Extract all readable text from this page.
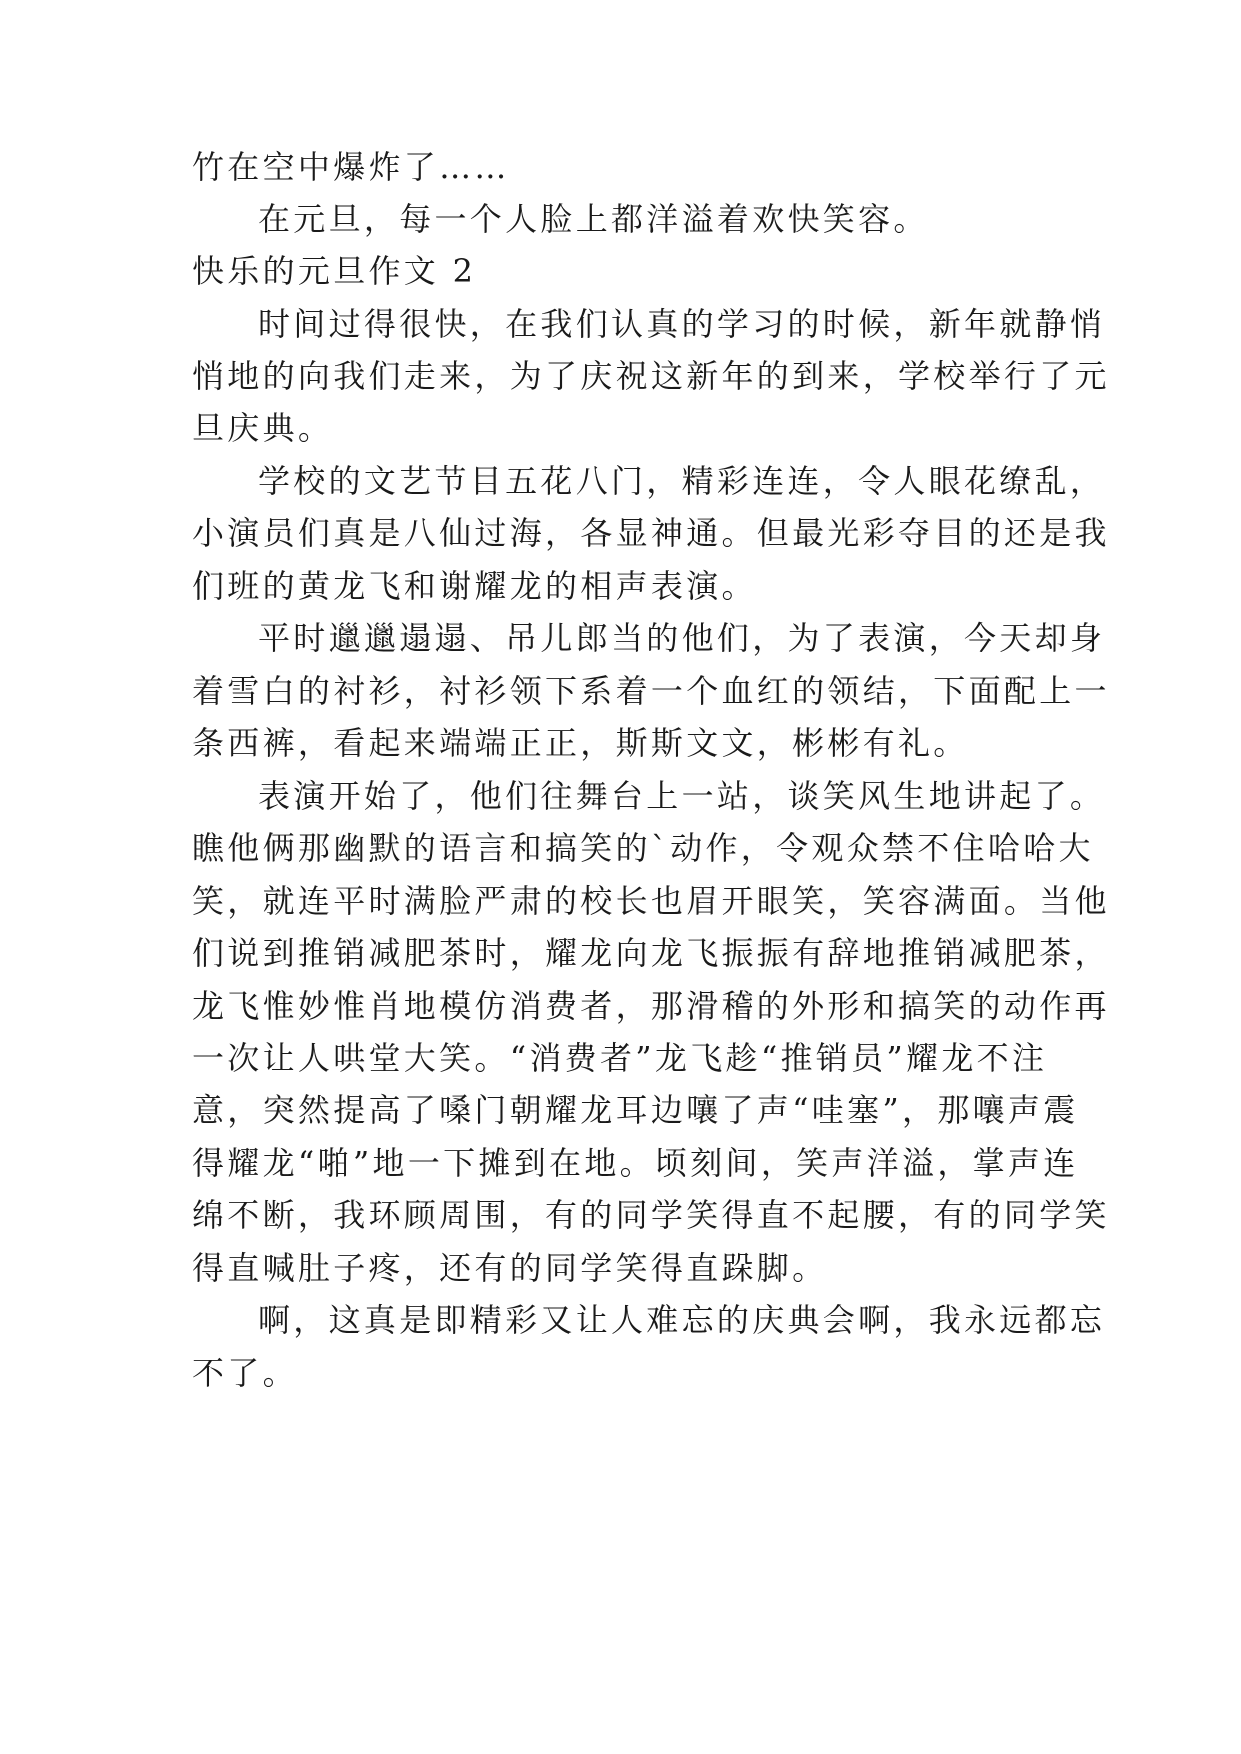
竹在空中爆炸了……
在元旦，每一个人脸上都洋溢着欢快笑容。
快乐的元旦作文 2
时间过得很快，在我们认真的学习的时候，新年就静悄
悄地的向我们走来，为了庆祝这新年的到来，学校举行了元
旦庆典。
学校的文艺节目五花八门，精彩连连，令人眼花缭乱，
小演员们真是八仙过海，各显神通。但最光彩夺目的还是我
们班的黄龙飞和谢耀龙的相声表演。
平时邋邋遢遢、吊儿郎当的他们，为了表演，今天却身
着雪白的衬衫，衬衫领下系着一个血红的领结，下面配上一
条西裤，看起来端端正正，斯斯文文，彬彬有礼。
表演开始了，他们往舞台上一站，谈笑风生地讲起了。
瞧他俩那幽默的语言和搞笑的`动作，令观众禁不住哈哈大
笑，就连平时满脸严肃的校长也眉开眼笑，笑容满面。当他
们说到推销减肥茶时，耀龙向龙飞振振有辞地推销减肥茶，
龙飞惟妙惟肖地模仿消费者，那滑稽的外形和搞笑的动作再
一次让人哄堂大笑。“消费者”龙飞趁“推销员”耀龙不注
意，突然提高了嗓门朝耀龙耳边嚷了声“哇塞”，那嚷声震
得耀龙“啪”地一下摊到在地。顷刻间，笑声洋溢，掌声连
绵不断，我环顾周围，有的同学笑得直不起腰，有的同学笑
得直喊肚子疼，还有的同学笑得直跺脚。
啊，这真是即精彩又让人难忘的庆典会啊，我永远都忘
不了。
